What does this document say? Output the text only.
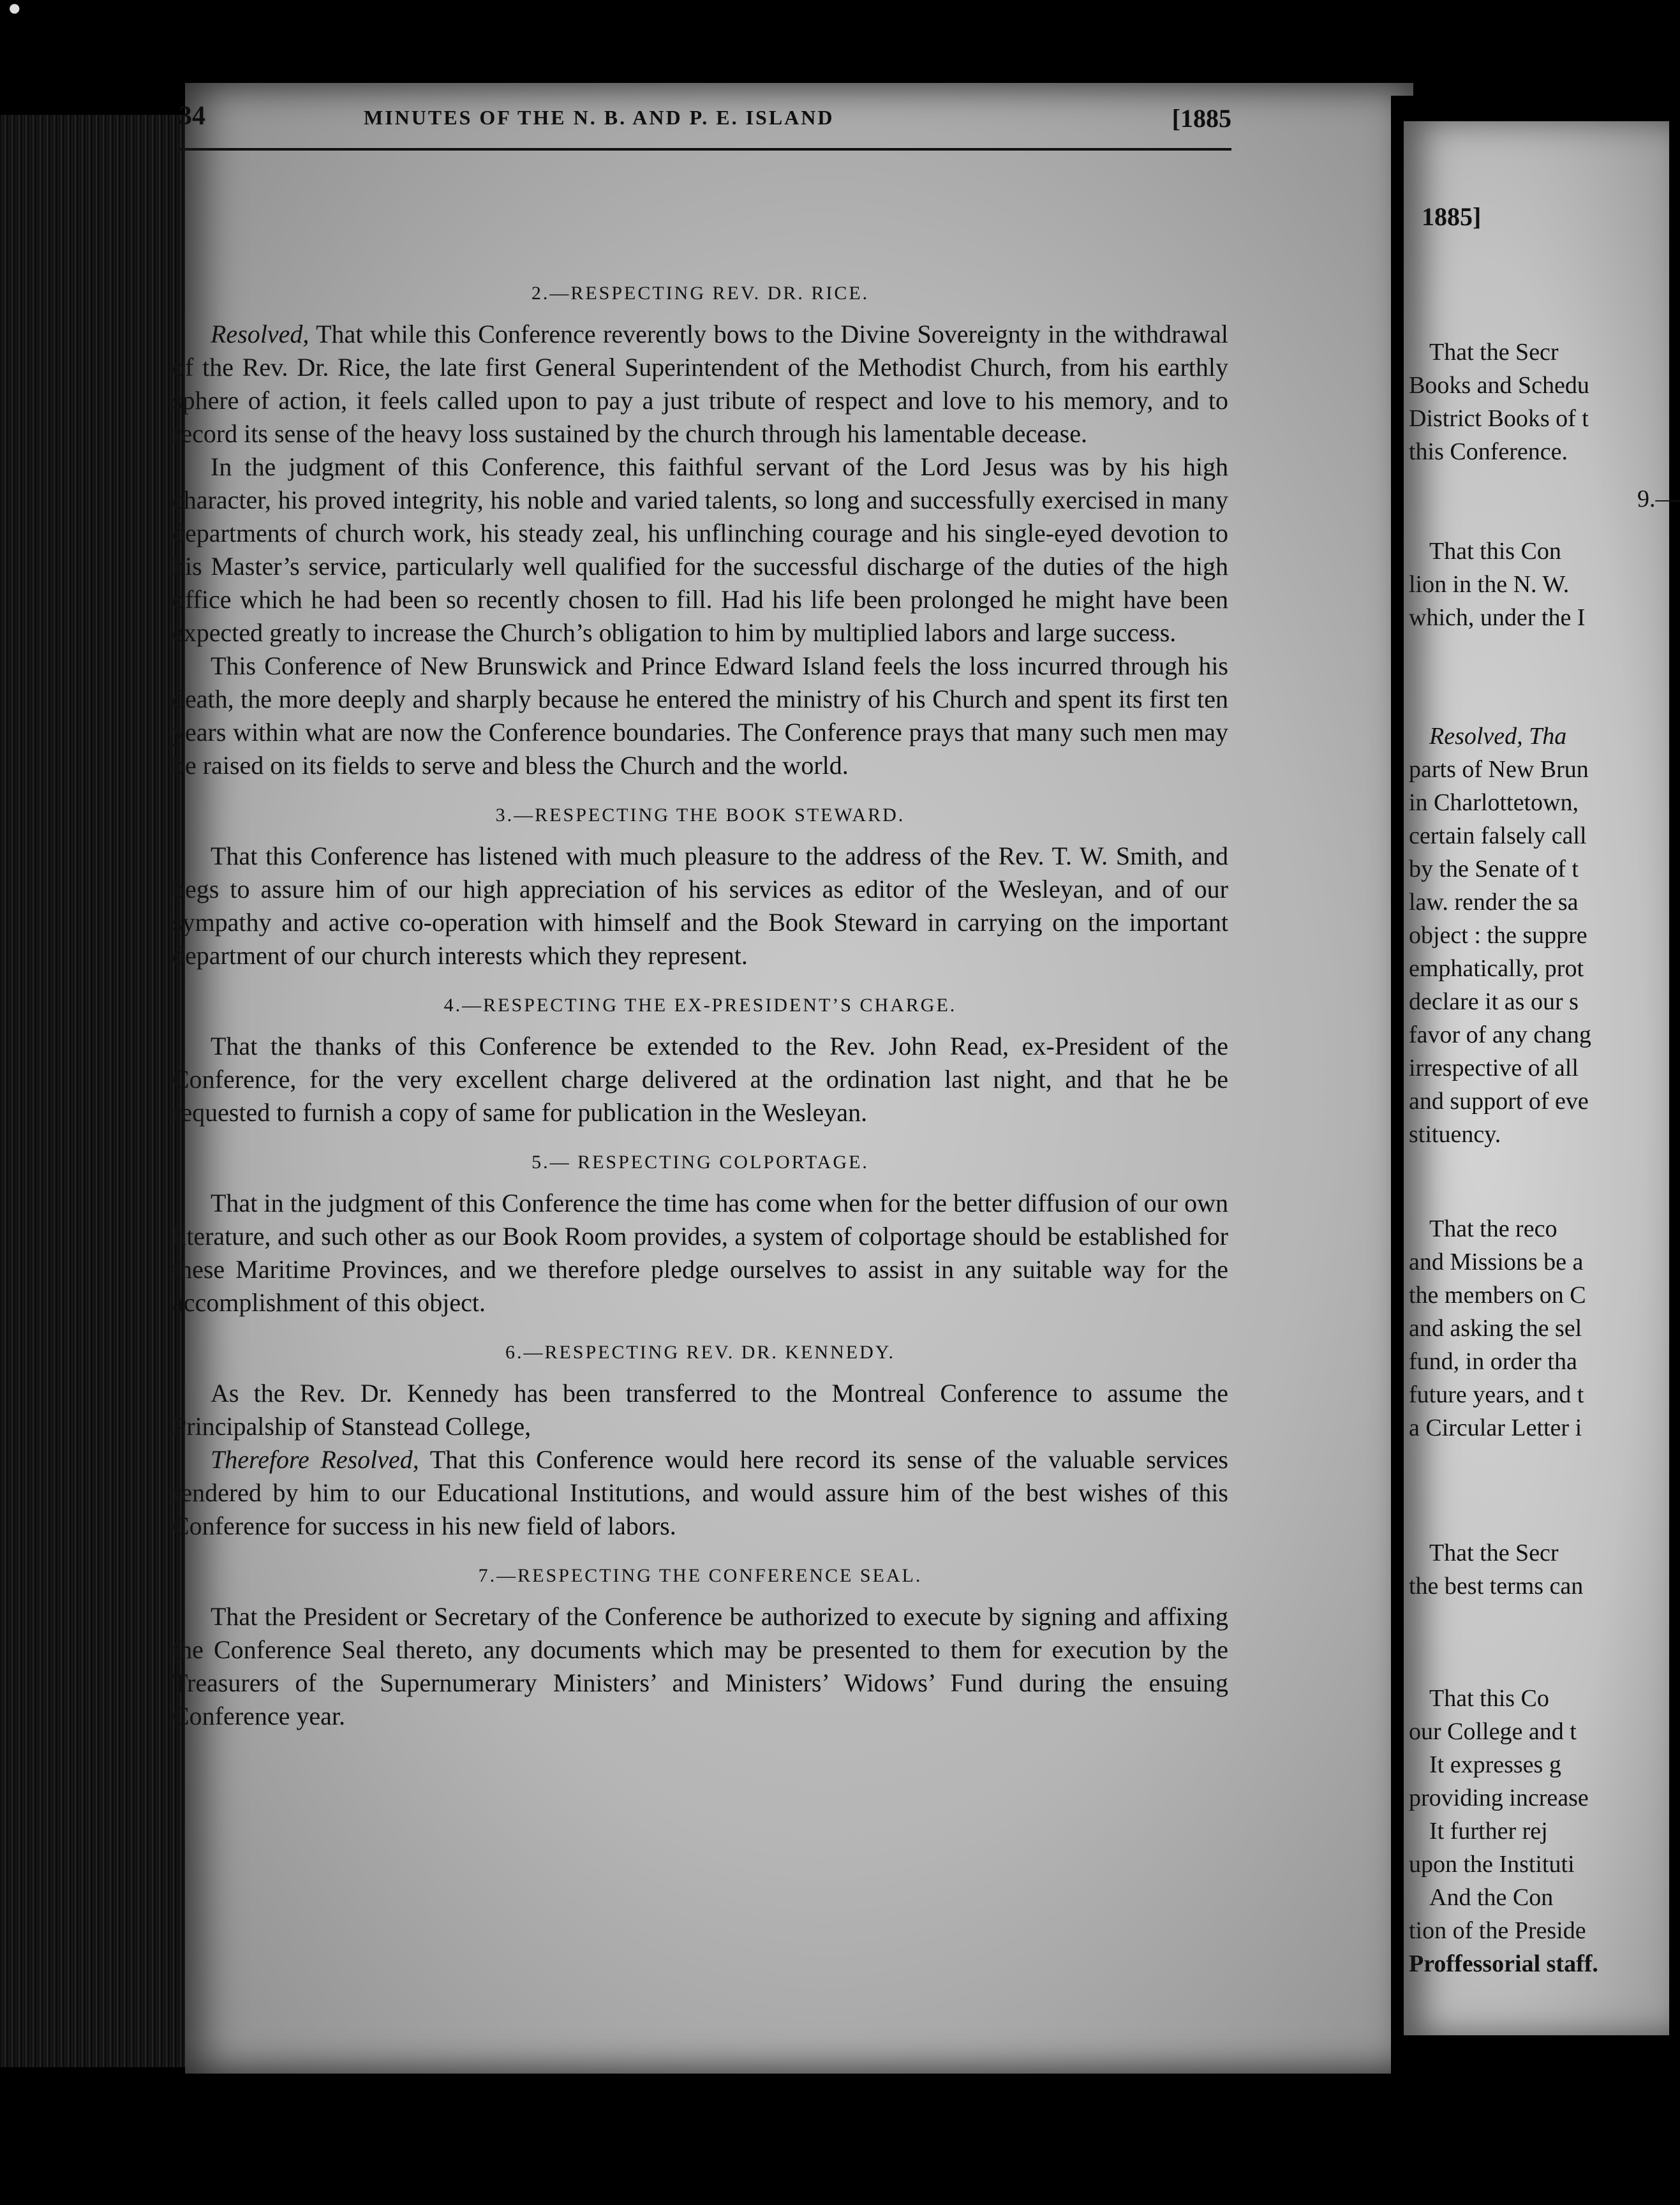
●
34	MINUTES OF THE N. B. AND P. E. ISLAND	[1885
2.—RESPECTING REV. DR. RICE.

Resolved, That while this Conference reverently bows to the Divine Sovereignty in the withdrawal of the Rev. Dr. Rice, the late first General Superintendent of the Methodist Church, from his earthly sphere of action, it feels called upon to pay a just tribute of respect and love to his memory, and to record its sense of the heavy loss sustained by the church through his lamentable decease.

In the judgment of this Conference, this faithful servant of the Lord Jesus was by his high character, his proved integrity, his noble and varied talents, so long and successfully exercised in many departments of church work, his steady zeal, his unflinching courage and his single-eyed devotion to his Master’s service, particularly well qualified for the successful discharge of the duties of the high office which he had been so recently chosen to fill. Had his life been prolonged he might have been expected greatly to increase the Church’s obligation to him by multiplied labors and large success.

This Conference of New Brunswick and Prince Edward Island feels the loss incurred through his death, the more deeply and sharply because he entered the ministry of his Church and spent its first ten years within what are now the Conference boundaries. The Conference prays that many such men may be raised on its fields to serve and bless the Church and the world.

3.—RESPECTING THE BOOK STEWARD.

That this Conference has listened with much pleasure to the address of the Rev. T. W. Smith, and begs to assure him of our high appreciation of his services as editor of the Wesleyan, and of our sympathy and active co-operation with himself and the Book Steward in carrying on the important department of our church interests which they represent.

4.—RESPECTING THE EX-PRESIDENT’S CHARGE.

That the thanks of this Conference be extended to the Rev. John Read, ex-President of the Conference, for the very excellent charge delivered at the ordination last night, and that he be requested to furnish a copy of same for publication in the Wesleyan.

5.— RESPECTING COLPORTAGE.

That in the judgment of this Conference the time has come when for the better diffusion of our own literature, and such other as our Book Room provides, a system of colportage should be established for these Maritime Provinces, and we therefore pledge ourselves to assist in any suitable way for the accomplishment of this object.

6.—RESPECTING REV. DR. KENNEDY.

As the Rev. Dr. Kennedy has been transferred to the Montreal Conference to assume the Principalship of Stanstead College,

Therefore Resolved, That this Conference would here record its sense of the valuable services rendered by him to our Educational Institutions, and would assure him of the best wishes of this Conference for success in his new field of labors.

7.—RESPECTING THE CONFERENCE SEAL.

That the President or Secretary of the Conference be authorized to execute by signing and affixing the Conference Seal thereto, any documents which may be presented to them for execution by the Treasurers of the Supernumerary Ministers’ and Ministers’ Widows’ Fund during the ensuing Conference year.

1885]
That the Secr
Books and Schedu
District Books of t
this Conference.
9.—
That this Con
lion in the N. W.
which, under the I
Resolved, Tha
parts of New Brun
in Charlottetown,
certain falsely call
by the Senate of t
law. render the sa
object : the suppre
emphatically, prot
declare it as our s
favor of any chang
irrespective of all
and support of eve
stituency.
That the reco
and Missions be a
the members on C
and asking the sel
fund, in order tha
future years, and t
a Circular Letter i
That the Secr
the best terms can
That this Co
our College and t
It expresses g
providing increase
It further rej
upon the Instituti
And the Con
tion of the Preside
Proffessorial staff.
